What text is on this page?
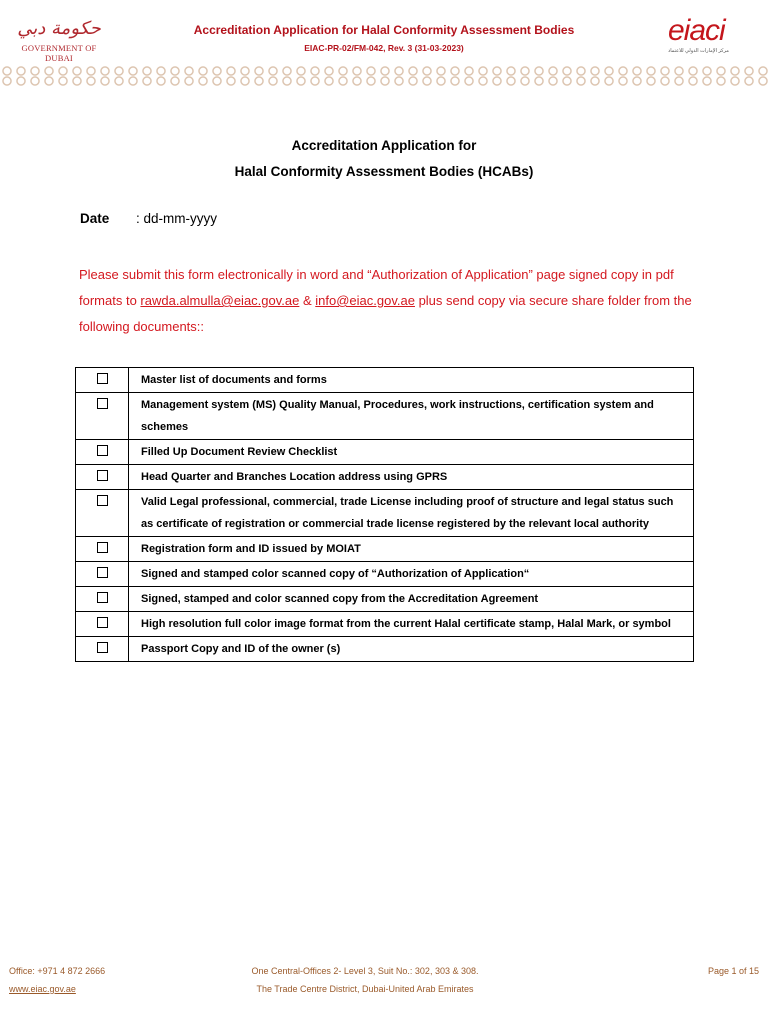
حكومة دبي
GOVERNMENT OF DUBAI
Accreditation Application for Halal Conformity Assessment Bodies
EIAC-PR-02/FM-042, Rev. 3 (31-03-2023)
eiaci
مركز الإمارات الدولي للاعتماد
Accreditation Application for
Halal Conformity Assessment Bodies (HCABs)
Date : dd-mm-yyyy
Please submit this form electronically in word and “Authorization of Application” page signed copy in pdf formats to rawda.almulla@eiac.gov.ae & info@eiac.gov.ae plus send copy via secure share folder from the following documents::
	Master list of documents and forms
	Management system (MS) Quality Manual, Procedures, work instructions, certification system and schemes
	Filled Up Document Review Checklist
	Head Quarter and Branches Location address using GPRS
	Valid Legal professional, commercial, trade License including proof of structure and legal status such as certificate of registration or commercial trade license registered by the relevant local authority
	Registration form and ID issued by MOIAT
	Signed and stamped color scanned copy of “Authorization of Application“
	Signed, stamped and color scanned copy from the Accreditation Agreement
	High resolution full color image format from the current Halal certificate stamp, Halal Mark, or symbol
	Passport Copy and ID of the owner (s)
Office: +971 4 872 2666
www.eiac.gov.ae
One Central-Offices 2- Level 3, Suit No.: 302, 303 & 308.
The Trade Centre District, Dubai-United Arab Emirates
Page 1 of 15
